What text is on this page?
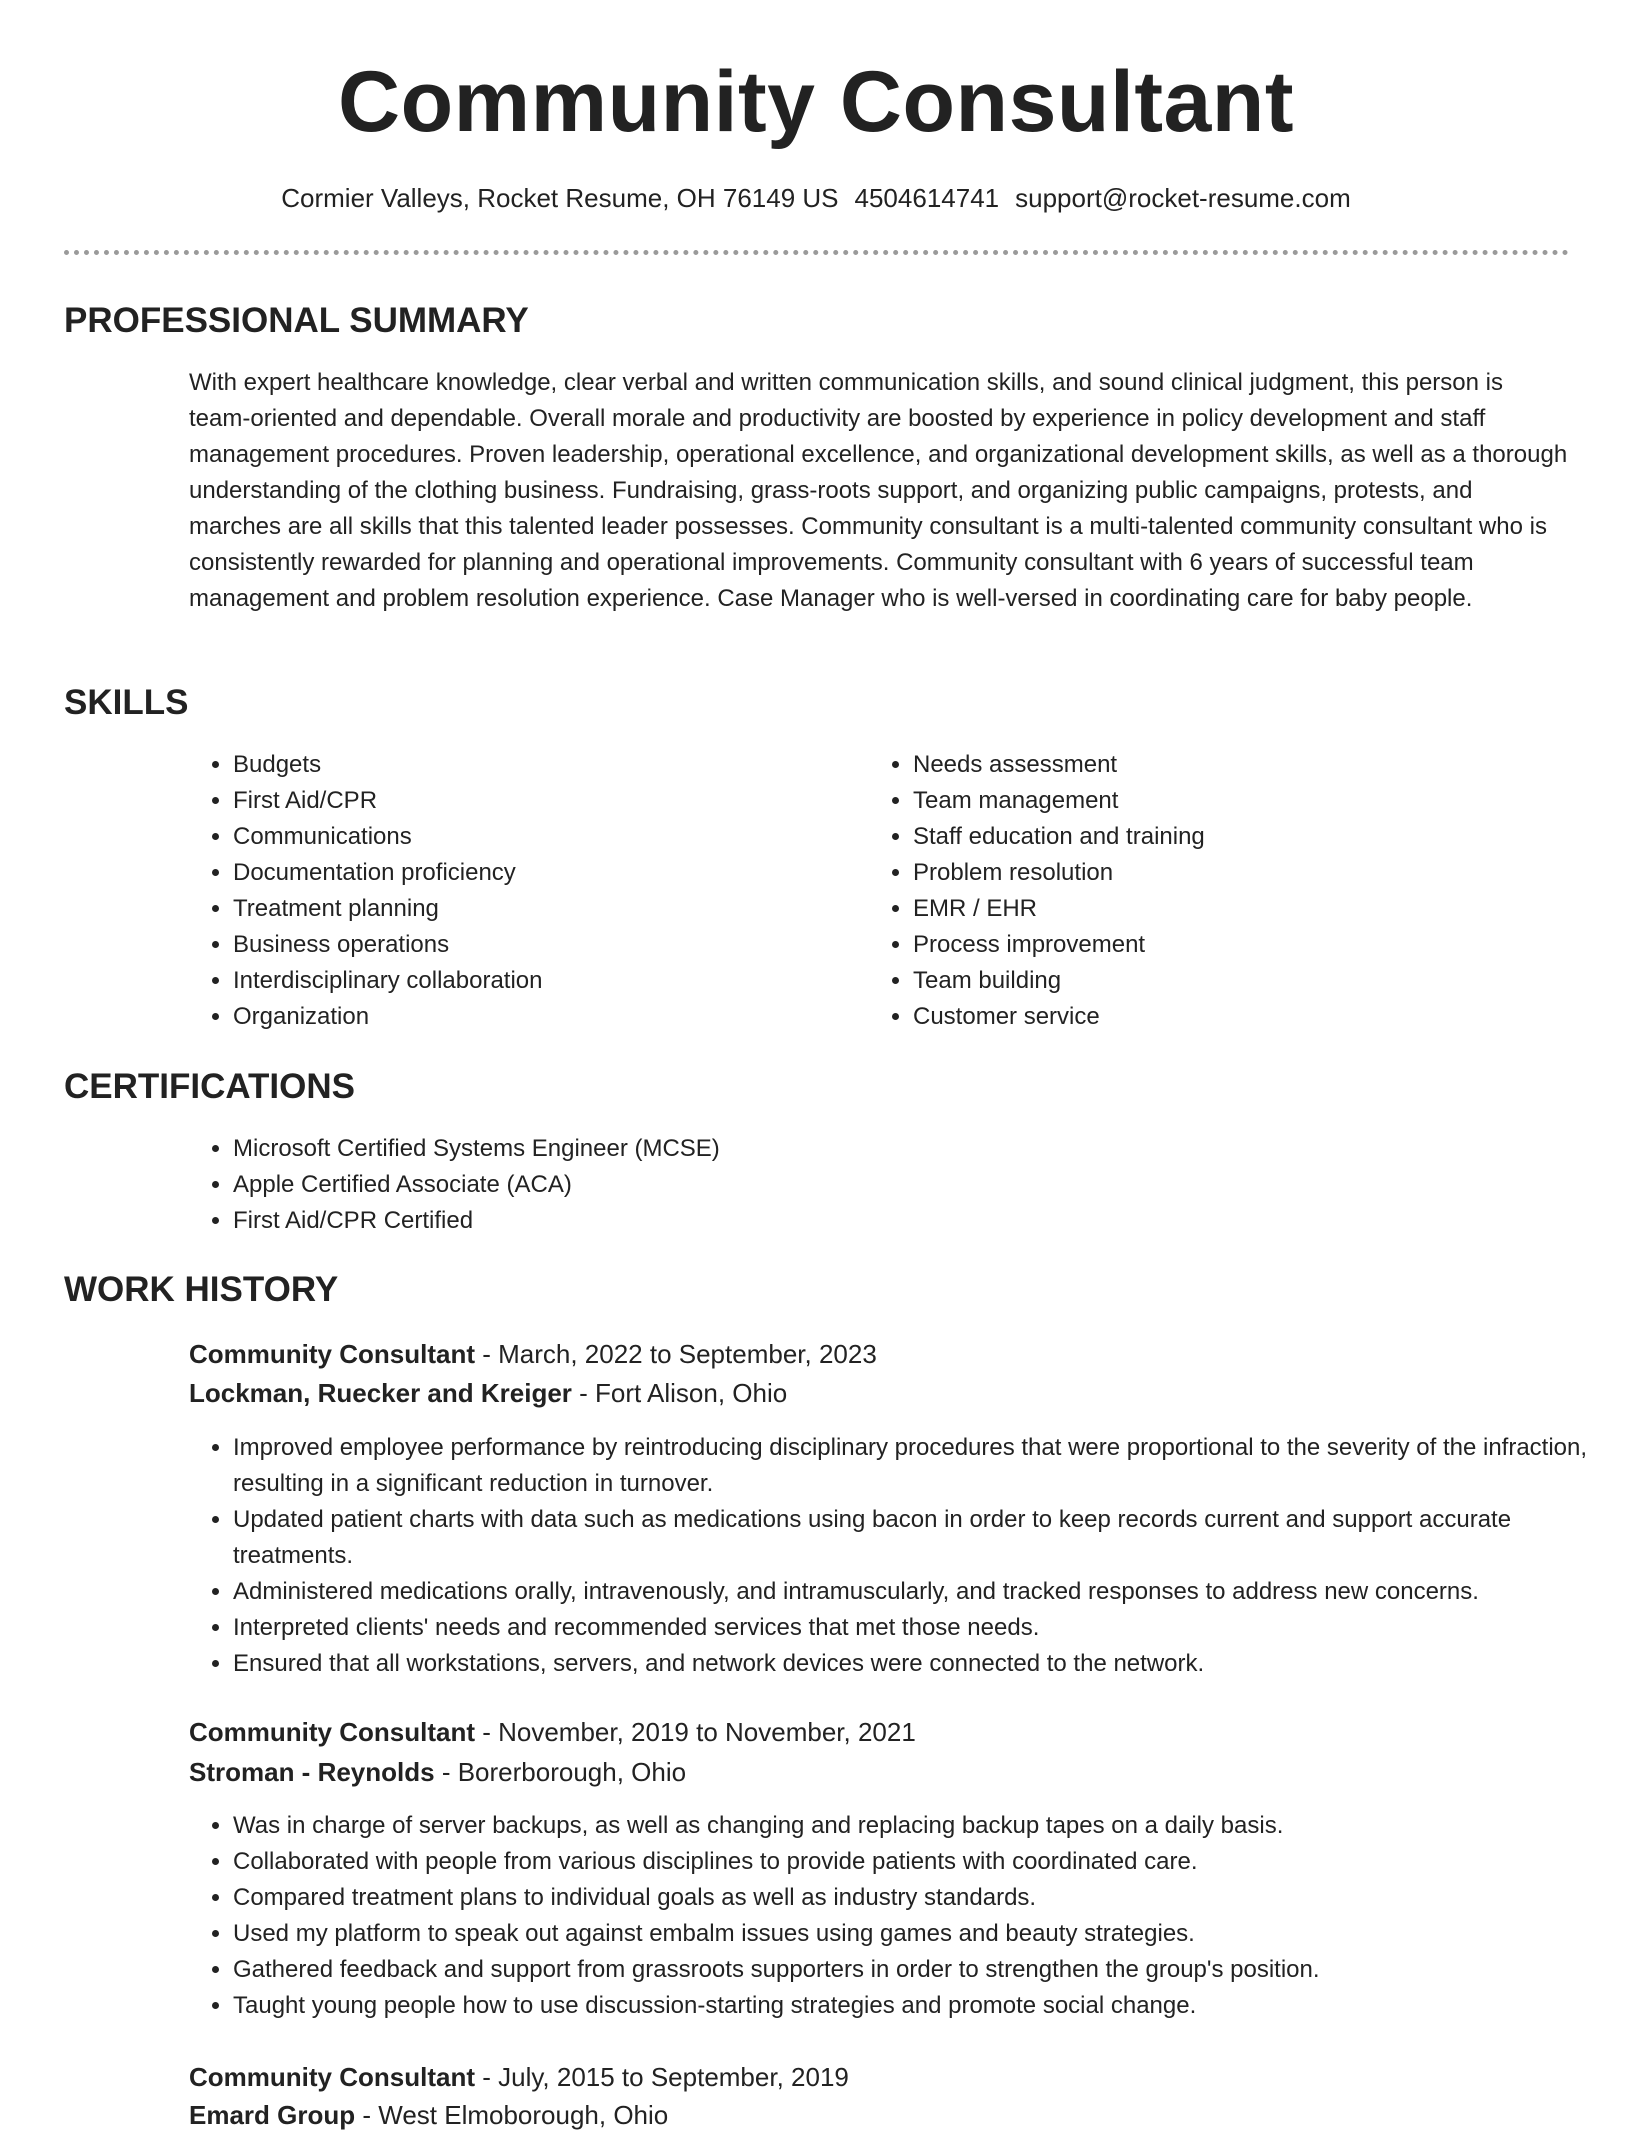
Community Consultant
Cormier Valleys, Rocket Resume, OH 76149 US 4504614741 support@rocket-resume.com
PROFESSIONAL SUMMARY

With expert healthcare knowledge, clear verbal and written communication skills, and sound clinical judgment, this person is team-oriented and dependable. Overall morale and productivity are boosted by experience in policy development and staff management procedures. Proven leadership, operational excellence, and organizational development skills, as well as a thorough understanding of the clothing business. Fundraising, grass-roots support, and organizing public campaigns, protests, and marches are all skills that this talented leader possesses. Community consultant is a multi-talented community consultant who is consistently rewarded for planning and operational improvements. Community consultant with 6 years of successful team management and problem resolution experience. Case Manager who is well-versed in coordinating care for baby people.

SKILLS
• Budgets
• First Aid/CPR
• Communications
• Documentation proficiency
• Treatment planning
• Business operations
• Interdisciplinary collaboration
• Organization
• Needs assessment
• Team management
• Staff education and training
• Problem resolution
• EMR / EHR
• Process improvement
• Team building
• Customer service
CERTIFICATIONS
• Microsoft Certified Systems Engineer (MCSE)
• Apple Certified Associate (ACA)
• First Aid/CPR Certified
WORK HISTORY
Community Consultant - March, 2022 to September, 2023
Lockman, Ruecker and Kreiger - Fort Alison, Ohio
• Improved employee performance by reintroducing disciplinary procedures that were proportional to the severity of the infraction, resulting in a significant reduction in turnover.
• Updated patient charts with data such as medications using bacon in order to keep records current and support accurate treatments.
• Administered medications orally, intravenously, and intramuscularly, and tracked responses to address new concerns.
• Interpreted clients' needs and recommended services that met those needs.
• Ensured that all workstations, servers, and network devices were connected to the network.
Community Consultant - November, 2019 to November, 2021
Stroman - Reynolds - Borerborough, Ohio
• Was in charge of server backups, as well as changing and replacing backup tapes on a daily basis.
• Collaborated with people from various disciplines to provide patients with coordinated care.
• Compared treatment plans to individual goals as well as industry standards.
• Used my platform to speak out against embalm issues using games and beauty strategies.
• Gathered feedback and support from grassroots supporters in order to strengthen the group's position.
• Taught young people how to use discussion-starting strategies and promote social change.
Community Consultant - July, 2015 to September, 2019
Emard Group - West Elmoborough, Ohio
